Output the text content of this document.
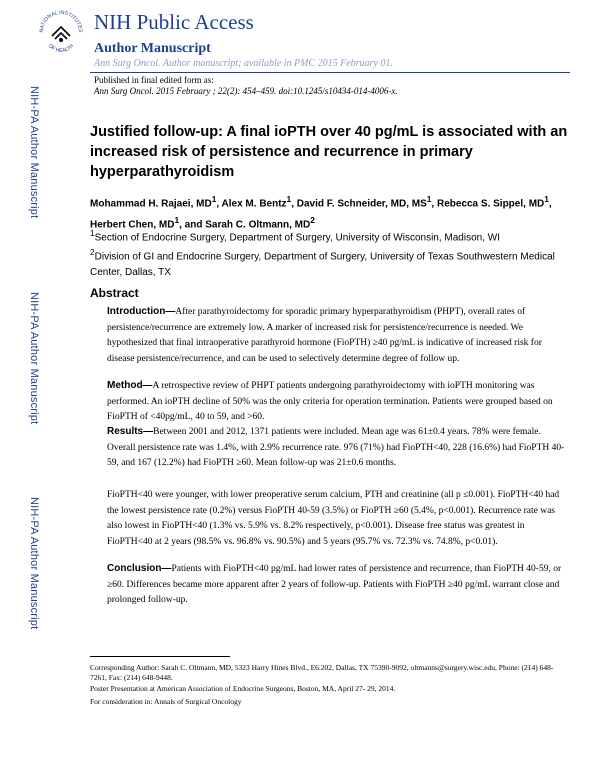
NATIONAL INSTITUTES
OF HEALTH
NIH Public Access
Author Manuscript
Ann Surg Oncol. Author manuscript; available in PMC 2015 February 01.
Published in final edited form as:
Ann Surg Oncol. 2015 February ; 22(2): 454–459. doi:10.1245/s10434-014-4006-x.
NIH-PA Author Manuscript
NIH-PA Author Manuscript
NIH-PA Author Manuscript
Justified follow-up: A final ioPTH over 40 pg/mL is associated with an increased risk of persistence and recurrence in primary hyperparathyroidism
Mohammad H. Rajaei, $MD^1$, Alex M. Bentz$^1$, David F. Schneider, MD, $MS^1$, Rebecca S. Sippel, $MD^1$, Herbert Chen, $MD^1$, and Sarah C. Oltmann, $MD^2$
$^1$Section of Endocrine Surgery, Department of Surgery, University of Wisconsin, Madison, WI
$^2$Division of GI and Endocrine Surgery, Department of Surgery, University of Texas Southwestern Medical Center, Dallas, TX
Abstract
Introduction—After parathyroidectomy for sporadic primary hyperparathyroidism (PHPT), overall rates of persistence/recurrence are extremely low. A marker of increased risk for persistence/recurrence is needed. We hypothesized that final intraoperative parathyroid hormone (FioPTH) ≥40 pg/mL is indicative of increased risk for disease persistence/recurrence, and can be used to selectively determine degree of follow up.
Method—A retrospective review of PHPT patients undergoing parathyroidectomy with ioPTH monitoring was performed. An ioPTH decline of 50% was the only criteria for operation termination. Patients were grouped based on FioPTH of <40pg/mL, 40 to 59, and >60.
Results—Between 2001 and 2012, 1371 patients were included. Mean age was 61±0.4 years. 78% were female. Overall persistence rate was 1.4%, with 2.9% recurrence rate. 976 (71%) had FioPTH<40, 228 (16.6%) had FioPTH 40-59, and 167 (12.2%) had FioPTH ≥60. Mean follow-up was 21±0.6 months.
FioPTH<40 were younger, with lower preoperative serum calcium, PTH and creatinine (all p ≤0.001). FioPTH<40 had the lowest persistence rate (0.2%) versus FioPTH 40-59 (3.5%) or FioPTH ≥60 (5.4%, p<0.001). Recurrence rate was also lowest in FioPTH<40 (1.3% vs. 5.9% vs. 8.2% respectively, p<0.001). Disease free status was greatest in FioPTH<40 at 2 years (98.5% vs. 96.8% vs. 90.5%) and 5 years (95.7% vs. 72.3% vs. 74.8%, p<0.01).
Conclusion—Patients with FioPTH<40 pg/mL had lower rates of persistence and recurrence, than FioPTH 40-59, or ≥60. Differences became more apparent after 2 years of follow-up. Patients with FioPTH ≥40 pg/mL warrant close and prolonged follow-up.
Corresponding Author: Sarah C. Oltmann, MD, 5323 Harry Hines Blvd., E6.202, Dallas, TX 75390-9092, oltmanns@surgery.wisc.edu, Phone: (214) 648-7261, Fax: (214) 648-9448.
Poster Presentation at American Association of Endocrine Surgeons, Boston, MA, April 27- 29, 2014.
For consideration in: Annals of Surgical Oncology
